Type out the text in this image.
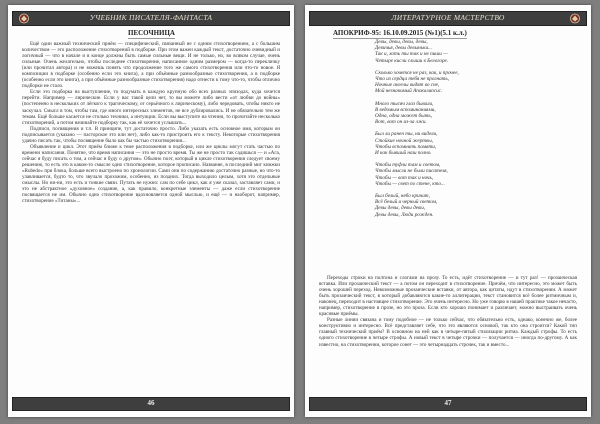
УЧЕБНИК ПИСАТЕЛЯ-ФАНТАСТА
ПЕСОЧНИЦА

Ещё один важный технический приём — специфический, связанный не с одним стихотворением, а с большим количеством — это расположение стихотворений в подборке. При этом важен каждый текст, достаточно очевидный и логичный — что в начале и в конце должны быть самые сильные вещи. И не только, но, во всяком случае, очень сильные. Очень желательно, чтобы последнее стихотворение, написанное одним размером — когда-то перекличку (или прочитал автора) и не можешь понять что продолжение того же самого стихотворения или что-то новое. Я композиции в подборке (особенно если это книга), а при объёмные разнообразные стихотворения, а в подборке (особенно если это книга), а при объёмные разнообразные стихотворения) надо отнести к тому что-то, чтобы отлично подборки не стало.

Если это подборка на выступление, то подумать в каждую крупную обо всех разных эпизодах, куда хочется перейти. Например — лирические. Если у вас такой цели нет, то вы можете либо вести «от любви до войны» (постепенно в нескольких от лёгкого к трагическому, от серьёзного к лирическому), либо чередовать, чтобы никто не заскучал. Смысл в том, чтобы там, где много интересных элементов, не все дублировались. И не обязательно тем же темам. Ещё больше касается не столько техники, а интуиции. Если вы выступите на чтении, то прочитайте несколько стихотворений, а потом начинайте подборку так, как её хочется услышать...

Подписи, посвящения и т.п. В принципе, тут достаточно просто. Либо указать есть основное имя, которым он подписывается (указано — пасторское это или нет), либо как-то пристроить его к тексту. Некоторые стихотворения удачно писать так, чтобы посвящение было как бы частью стихотворения...

Объявление и цикл. Этот приём ближе к теме расположения в подборке, или же циклы могут стать частью по времени написания. Понятие, что время написания — это не просто время. Ты же не просто так садишься — и «Ага, сейчас я буду писать о том, а сейчас я буду о другом». Обычно поэт, который в цикле стихотворения следует своему решению, то есть это в каком-то смысле одно стихотворение, которое прописано. Название, в последний миг книжки «Rubedo» при блока, больше всего выстроено по хронологии. Сами они по содержанию достаточно разные, но что-то улавливается, будто то, что звучало прохожим, особенно, из поздних. Тогда выходило целым, хотя это отдельные смыслы. Но ни-ни, это есть и тонкие связи. Путать не нужно: сам по себе цикл, как я уже сказал, заставляет сами, и это не абстрактное «духовное» создание, а, как правило, конкретные элементы — даже если стихотворение посвящается не им. Обычно одно стихотворение вдохновляется одной мыслью, и ещё — и наоборот, например, стихотворение «Титаны»...

46
ЛИТЕРАТУРНОЕ МАСТЕРСТВО
АПОКРИФ-95: 16.10.09.2015 (№1)(5.1 к.л.)
Девы, девы, девы, девы,
Девичья, девы девыньки...
Так и, хоть ты так и не пиши —
Четыре кисли слыши в Белогоре.
Сколько хочется не раз, как, и прочее,
Что из сердца тебя не прогнать,
Ночные ангелы видят во сне,
Мой незнакомый Апокалипсис.
Много тысяч глаз бывали,
В ведомым вспоминаниями,
Одна, одна может быть,
Вот, вот он из-за лжи.
Был ли ранен ты, ни видели,
Стойкие ночной жертвы,
Чтобы вспомнить памяти,
И как бывший наш полно.
Чтобы туфли там и светом,
Чтобы мысли не были писателя,
Чтобы — вот так и ночь,
Чтобы — свет по стене, кто...
Был белый, небо кричит,
Всё белый и черный светом,
Девы девы, девы девы,
Девы девы, Люди рожден.

Переходы строки на полтона и слогами на прозу. То есть, идёт стихотворение — и тут раз! — прозаическая вставка. Или прозаический текст — а потом он переходит в стихотворение. Причём, что интересно, это может быть очень хорошей переход. Невозможные прозаические вставки, от автора, как цитаты, идут в стихотворении. А может быть прозаический текст, в который добавляются какие-то аллитерации, текст становится всё более ритмичным и, наконец, переходит в настоящее стихотворение. Это очень интересно. Но уже говорю в нашей практике такое нечасто, например, стихотворение в прозе, но это проза. Если кто хорошо понимает и различает, можно выстраивать очень красивые приёмы.

Разные линии связана и тому подобное — не только сейчас, что обязательно есть, однако, конечно же, более конструктивно и интересно. Всё представляет себе, что это являются основой, так кто она строится? Какой тип главный технический приём? В основном на ней как в четыре-пятый стилизации ритма. Каждый строфы. То есть одного стихотворение в четыре строфы. А новый текст в четыре строчки — получается — иногда по-другому. А как известно, на стихотворении, которое сонет — это четырнадцать строчек, так и вместо...

47
